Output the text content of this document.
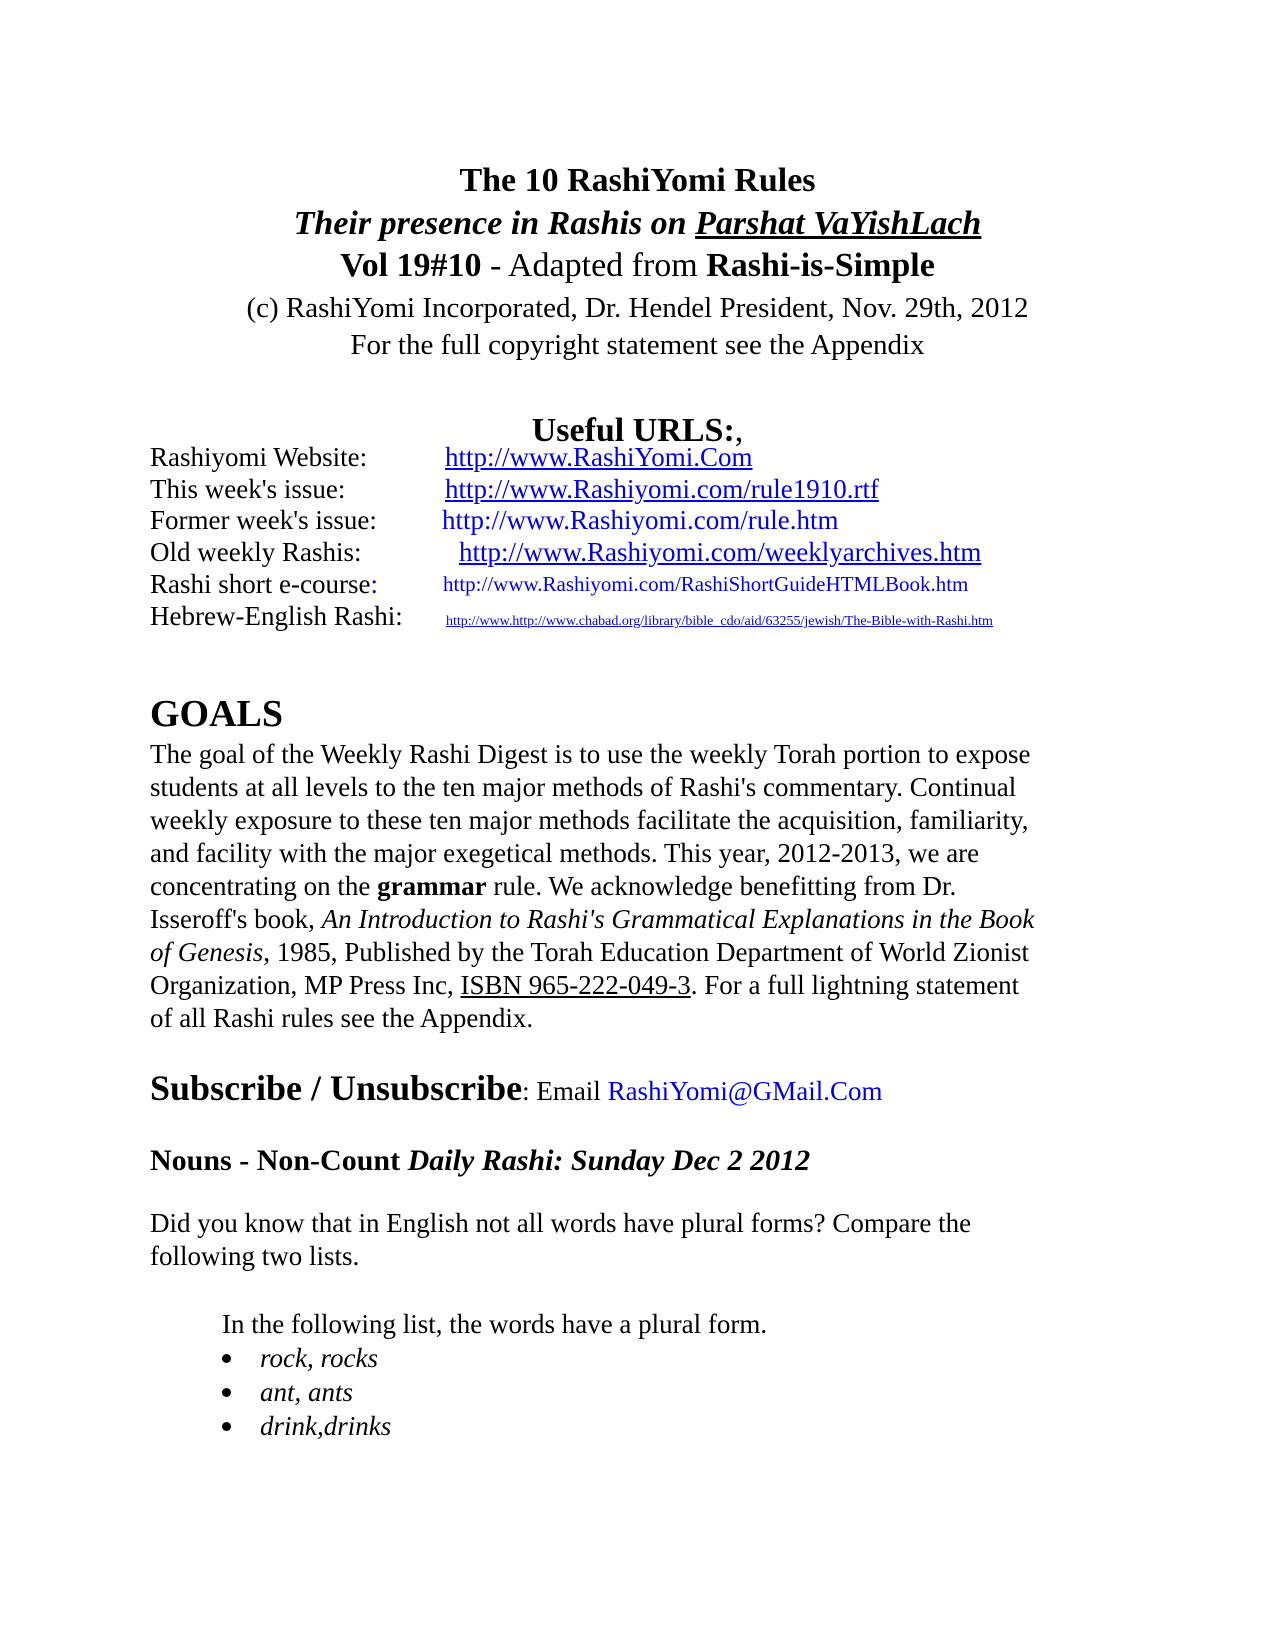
The 10 RashiYomi Rules
Their presence in Rashis on Parshat VaYishLach
Vol 19#10 - Adapted from Rashi-is-Simple
(c) RashiYomi Incorporated, Dr. Hendel President, Nov. 29th, 2012
For the full copyright statement see the Appendix
Useful URLS:,
Rashiyomi Website:	http://www.RashiYomi.Com
This week's issue:	http://www.Rashiyomi.com/rule1910.rtf
Former week's issue: http://www.Rashiyomi.com/rule.htm
Old weekly Rashis:	http://www.Rashiyomi.com/weeklyarchives.htm
Rashi short e-course:	http://www.Rashiyomi.com/RashiShortGuideHTMLBook.htm
Hebrew-English Rashi:	http://www.http://www.chabad.org/library/bible_cdo/aid/63255/jewish/The-Bible-with-Rashi.htm
GOALS
The goal of the Weekly Rashi Digest is to use the weekly Torah portion to expose
students at all levels to the ten major methods of Rashi's commentary. Continual
weekly exposure to these ten major methods facilitate the acquisition, familiarity,
and facility with the major exegetical methods. This year, 2012-2013, we are
concentrating on the grammar rule. We acknowledge benefitting from Dr.
Isseroff's book, An Introduction to Rashi's Grammatical Explanations in the Book
of Genesis, 1985, Published by the Torah Education Department of World Zionist
Organization, MP Press Inc, ISBN 965-222-049-3. For a full lightning statement
of all Rashi rules see the Appendix.
Subscribe / Unsubscribe: Email RashiYomi@GMail.Com
Nouns - Non-Count Daily Rashi: Sunday Dec 2 2012
Did you know that in English not all words have plural forms? Compare the
following two lists.
In the following list, the words have a plural form.
rock, rocks
ant, ants
drink,drinks
